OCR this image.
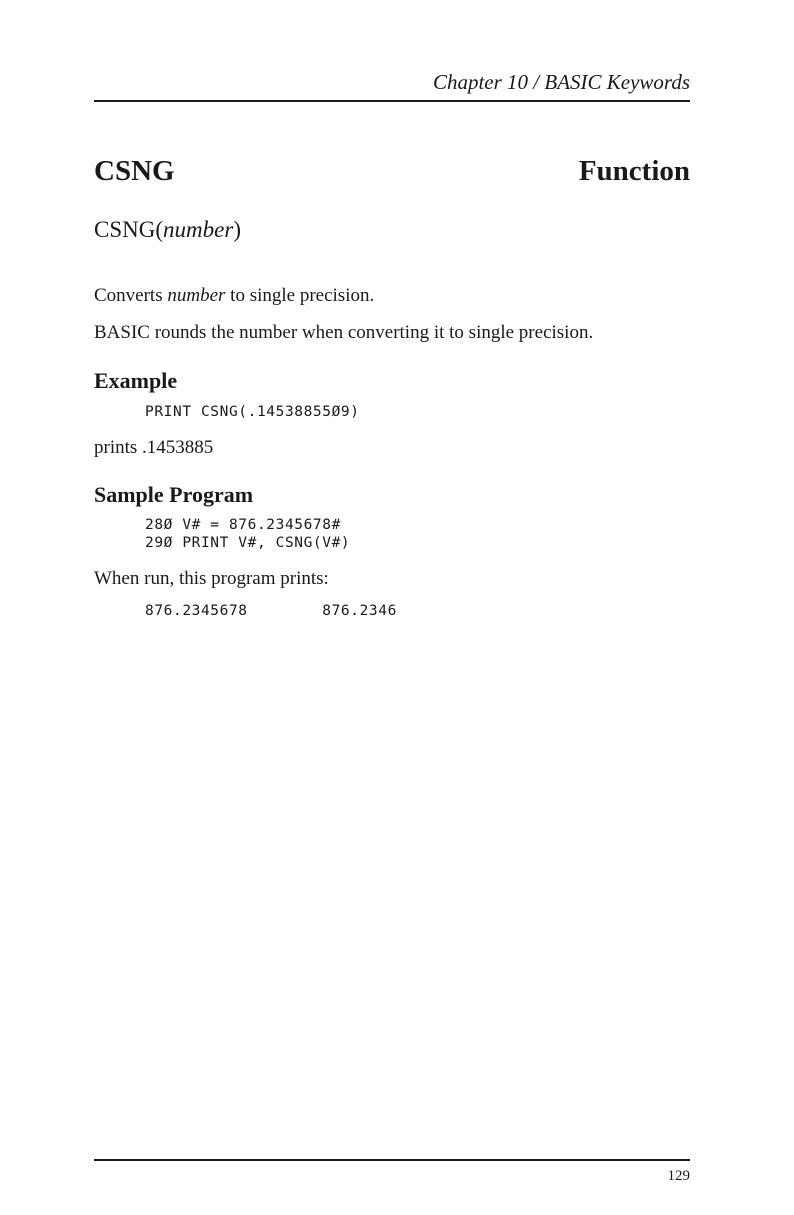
Chapter 10 / BASIC Keywords
CSNG	Function
CSNG(number)
Converts number to single precision.
BASIC rounds the number when converting it to single precision.
Example
PRINT CSNG(.14538855Ø9)
prints .1453885
Sample Program
28Ø V# = 876.2345678#
29Ø PRINT V#, CSNG(V#)
When run, this program prints:
876.2345678        876.2346
129
